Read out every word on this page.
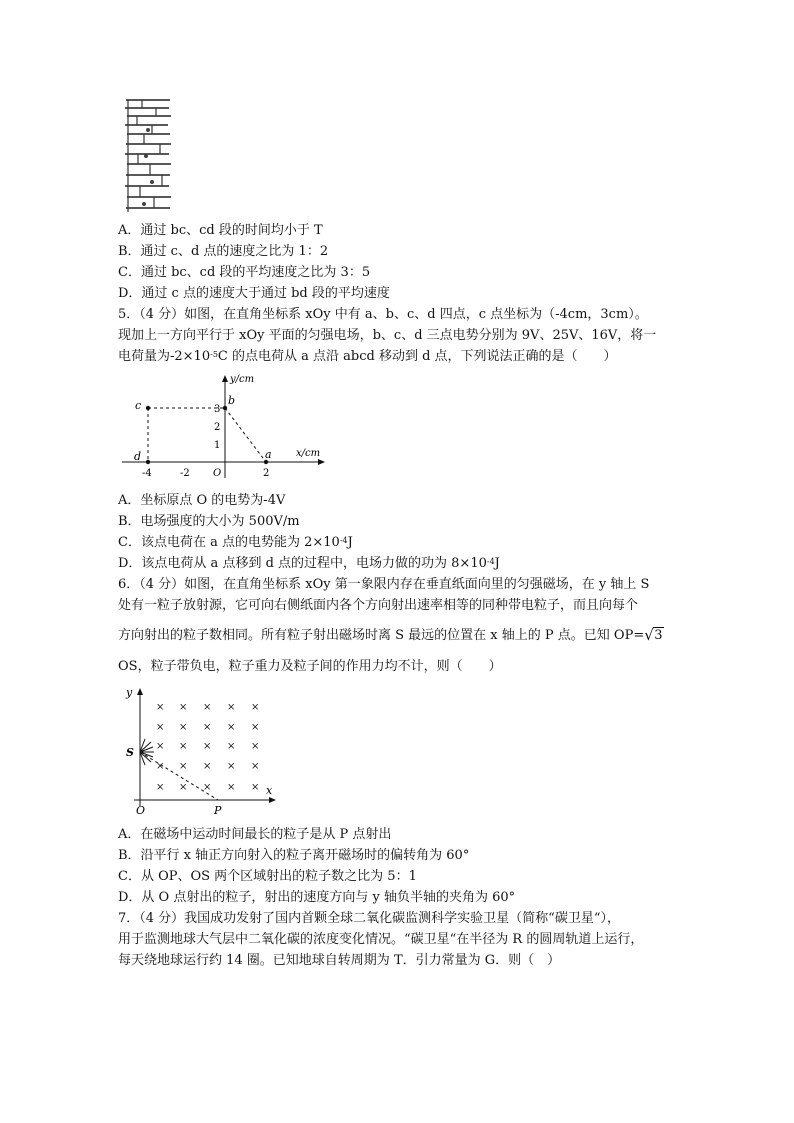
A．通过 bc、cd 段的时间均小于 T
B．通过 c、d 点的速度之比为 1：2
C．通过 bc、cd 段的平均速度之比为 3：5
D．通过 c 点的速度大于通过 bd 段的平均速度
5．（4 分）如图，在直角坐标系 xOy 中有 a、b、c、d 四点，c 点坐标为（-4cm，3cm）。
现加上一方向平行于 xOy 平面的匀强电场，b、c、d 三点电势分别为 9V、25V、16V，将一
电荷量为$-2\times 10^{-5}C$ 的点电荷从 a 点沿 abcd 移动到 d 点，下列说法正确的是（　　）
y/cm
x/cm
3
2
1
-4	-2 O	2
c	b
d	a
A．坐标原点 O 的电势为-4V
B．电场强度的大小为 500V/m
C．该点电荷在 a 点的电势能为 $2\times 10^{-4}J$
D．该点电荷从 a 点移到 d 点的过程中，电场力做的功为 $8\times 10^{-4}J$
6．（4 分）如图，在直角坐标系 xOy 第一象限内存在垂直纸面向里的匀强磁场，在 y 轴上 S
处有一粒子放射源，它可向右侧纸面内各个方向射出速率相等的同种带电粒子，而且向每个
方向射出的粒子数相同。所有粒子射出磁场时离 S 最远的位置在 x 轴上的 P 点。已知 OP= √ 3
OS，粒子带负电，粒子重力及粒子间的作用力均不计，则（　　）
× × × × ×
× × × × ×
× × × × ×
× × × × ×
× × × × ×
y
x
O
S
P
A．在磁场中运动时间最长的粒子是从 P 点射出
B．沿平行 x 轴正方向射入的粒子离开磁场时的偏转角为 60°
C．从 OP、OS 两个区域射出的粒子数之比为 5：1
D．从 O 点射出的粒子，射出的速度方向与 y 轴负半轴的夹角为 60°
7．（4 分）我国成功发射了国内首颗全球二氧化碳监测科学实验卫星（简称“碳卫星“），
用于监测地球大气层中二氧化碳的浓度变化情况。“碳卫星“在半径为 R 的圆周轨道上运行，
每天绕地球运行约 14 圈。已知地球自转周期为 T．引力常量为 G．则（　）
